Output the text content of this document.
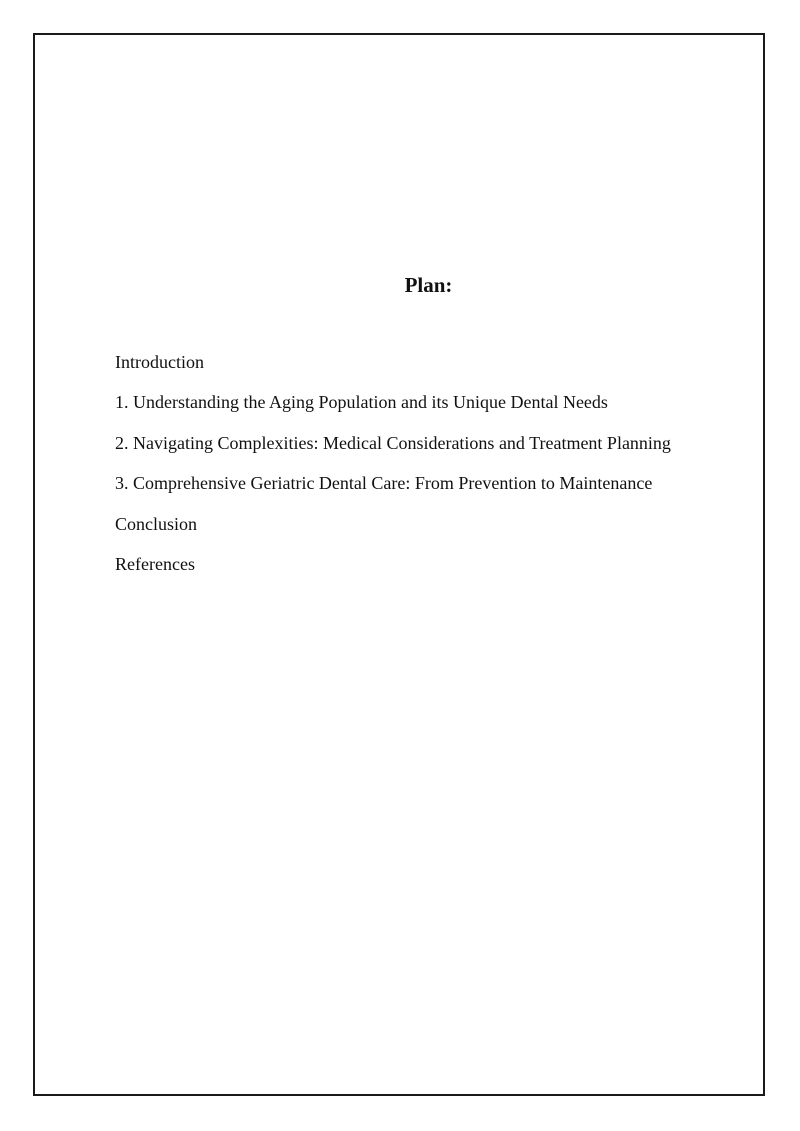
Plan:
Introduction
1. Understanding the Aging Population and its Unique Dental Needs
2. Navigating Complexities: Medical Considerations and Treatment Planning
3. Comprehensive Geriatric Dental Care: From Prevention to Maintenance
Conclusion
References
